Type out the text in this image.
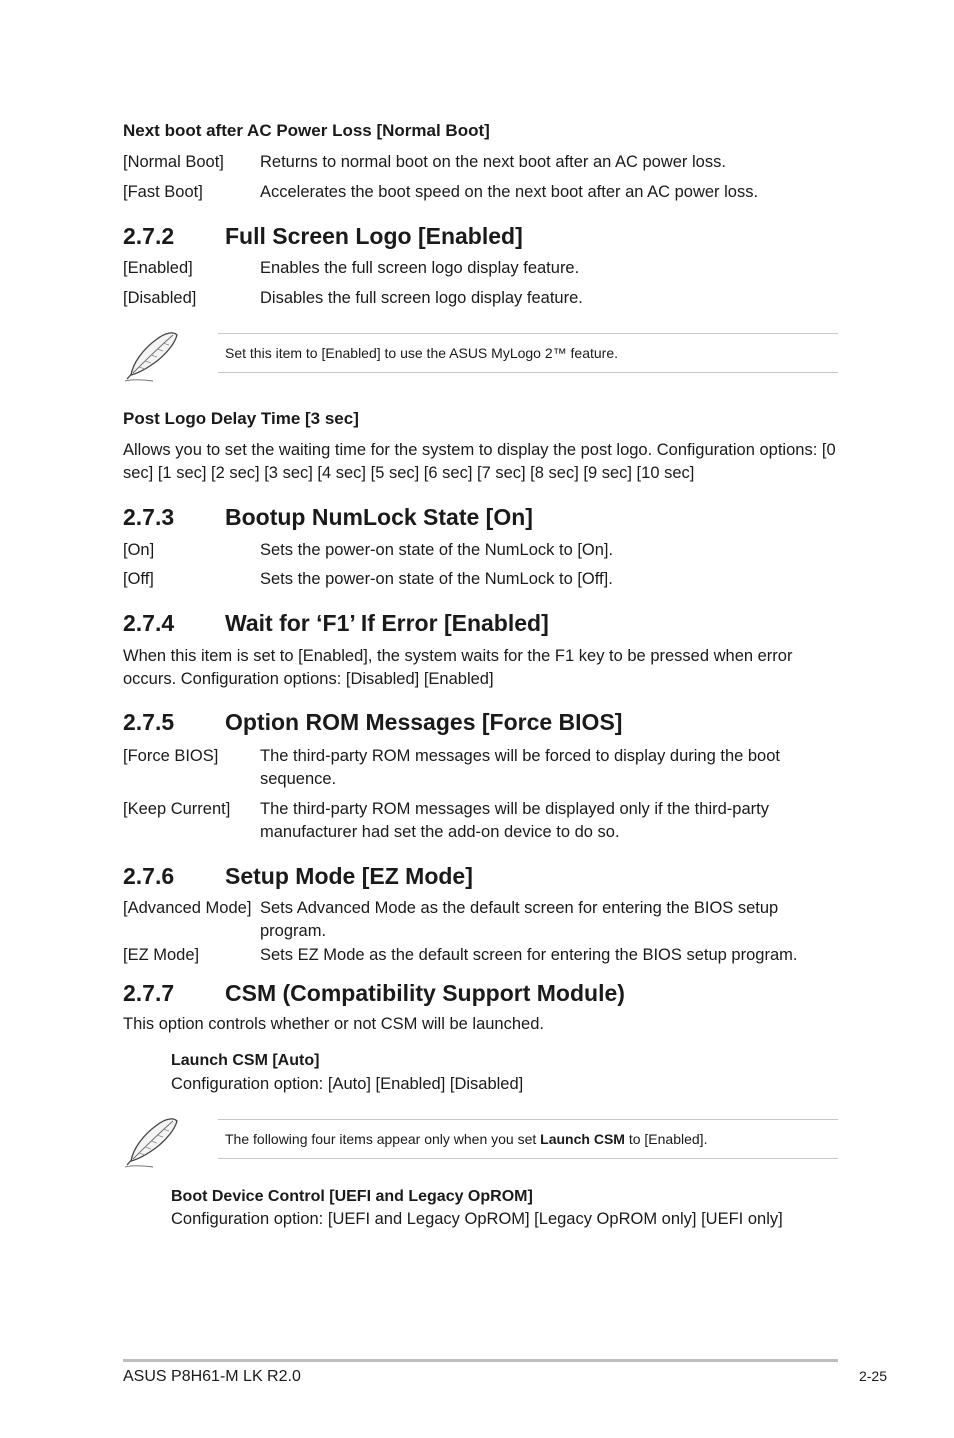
Next boot after AC Power Loss [Normal Boot]
[Normal Boot] Returns to normal boot on the next boot after an AC power loss.
[Fast Boot]	Accelerates the boot speed on the next boot after an AC power loss.
2.7.2 Full Screen Logo [Enabled]
[Enabled]	Enables the full screen logo display feature.
[Disabled]	Disables the full screen logo display feature.
Set this item to [Enabled] to use the ASUS MyLogo 2™ feature.
Post Logo Delay Time [3 sec]
Allows you to set the waiting time for the system to display the post logo. Configuration options: [0 sec] [1 sec] [2 sec] [3 sec] [4 sec] [5 sec] [6 sec] [7 sec] [8 sec] [9 sec] [10 sec]
2.7.3 Bootup NumLock State [On]
[On]	Sets the power-on state of the NumLock to [On].
[Off]	Sets the power-on state of the NumLock to [Off].
2.7.4 Wait for ‘F1’ If Error [Enabled]
When this item is set to [Enabled], the system waits for the F1 key to be pressed when error occurs. Configuration options: [Disabled] [Enabled]
2.7.5 Option ROM Messages [Force BIOS]
[Force BIOS]	The third-party ROM messages will be forced to display during the boot sequence.
[Keep Current] The third-party ROM messages will be displayed only if the third-party manufacturer had set the add-on device to do so.
2.7.6 Setup Mode [EZ Mode]
[Advanced Mode] Sets Advanced Mode as the default screen for entering the BIOS setup program.
[EZ Mode]	Sets EZ Mode as the default screen for entering the BIOS setup program.
2.7.7 CSM (Compatibility Support Module)
This option controls whether or not CSM will be launched.
Launch CSM [Auto]
Configuration option: [Auto] [Enabled] [Disabled]
The following four items appear only when you set Launch CSM to [Enabled].
Boot Device Control [UEFI and Legacy OpROM]
Configuration option: [UEFI and Legacy OpROM] [Legacy OpROM only] [UEFI only]
ASUS P8H61-M LK R2.0	2-25
